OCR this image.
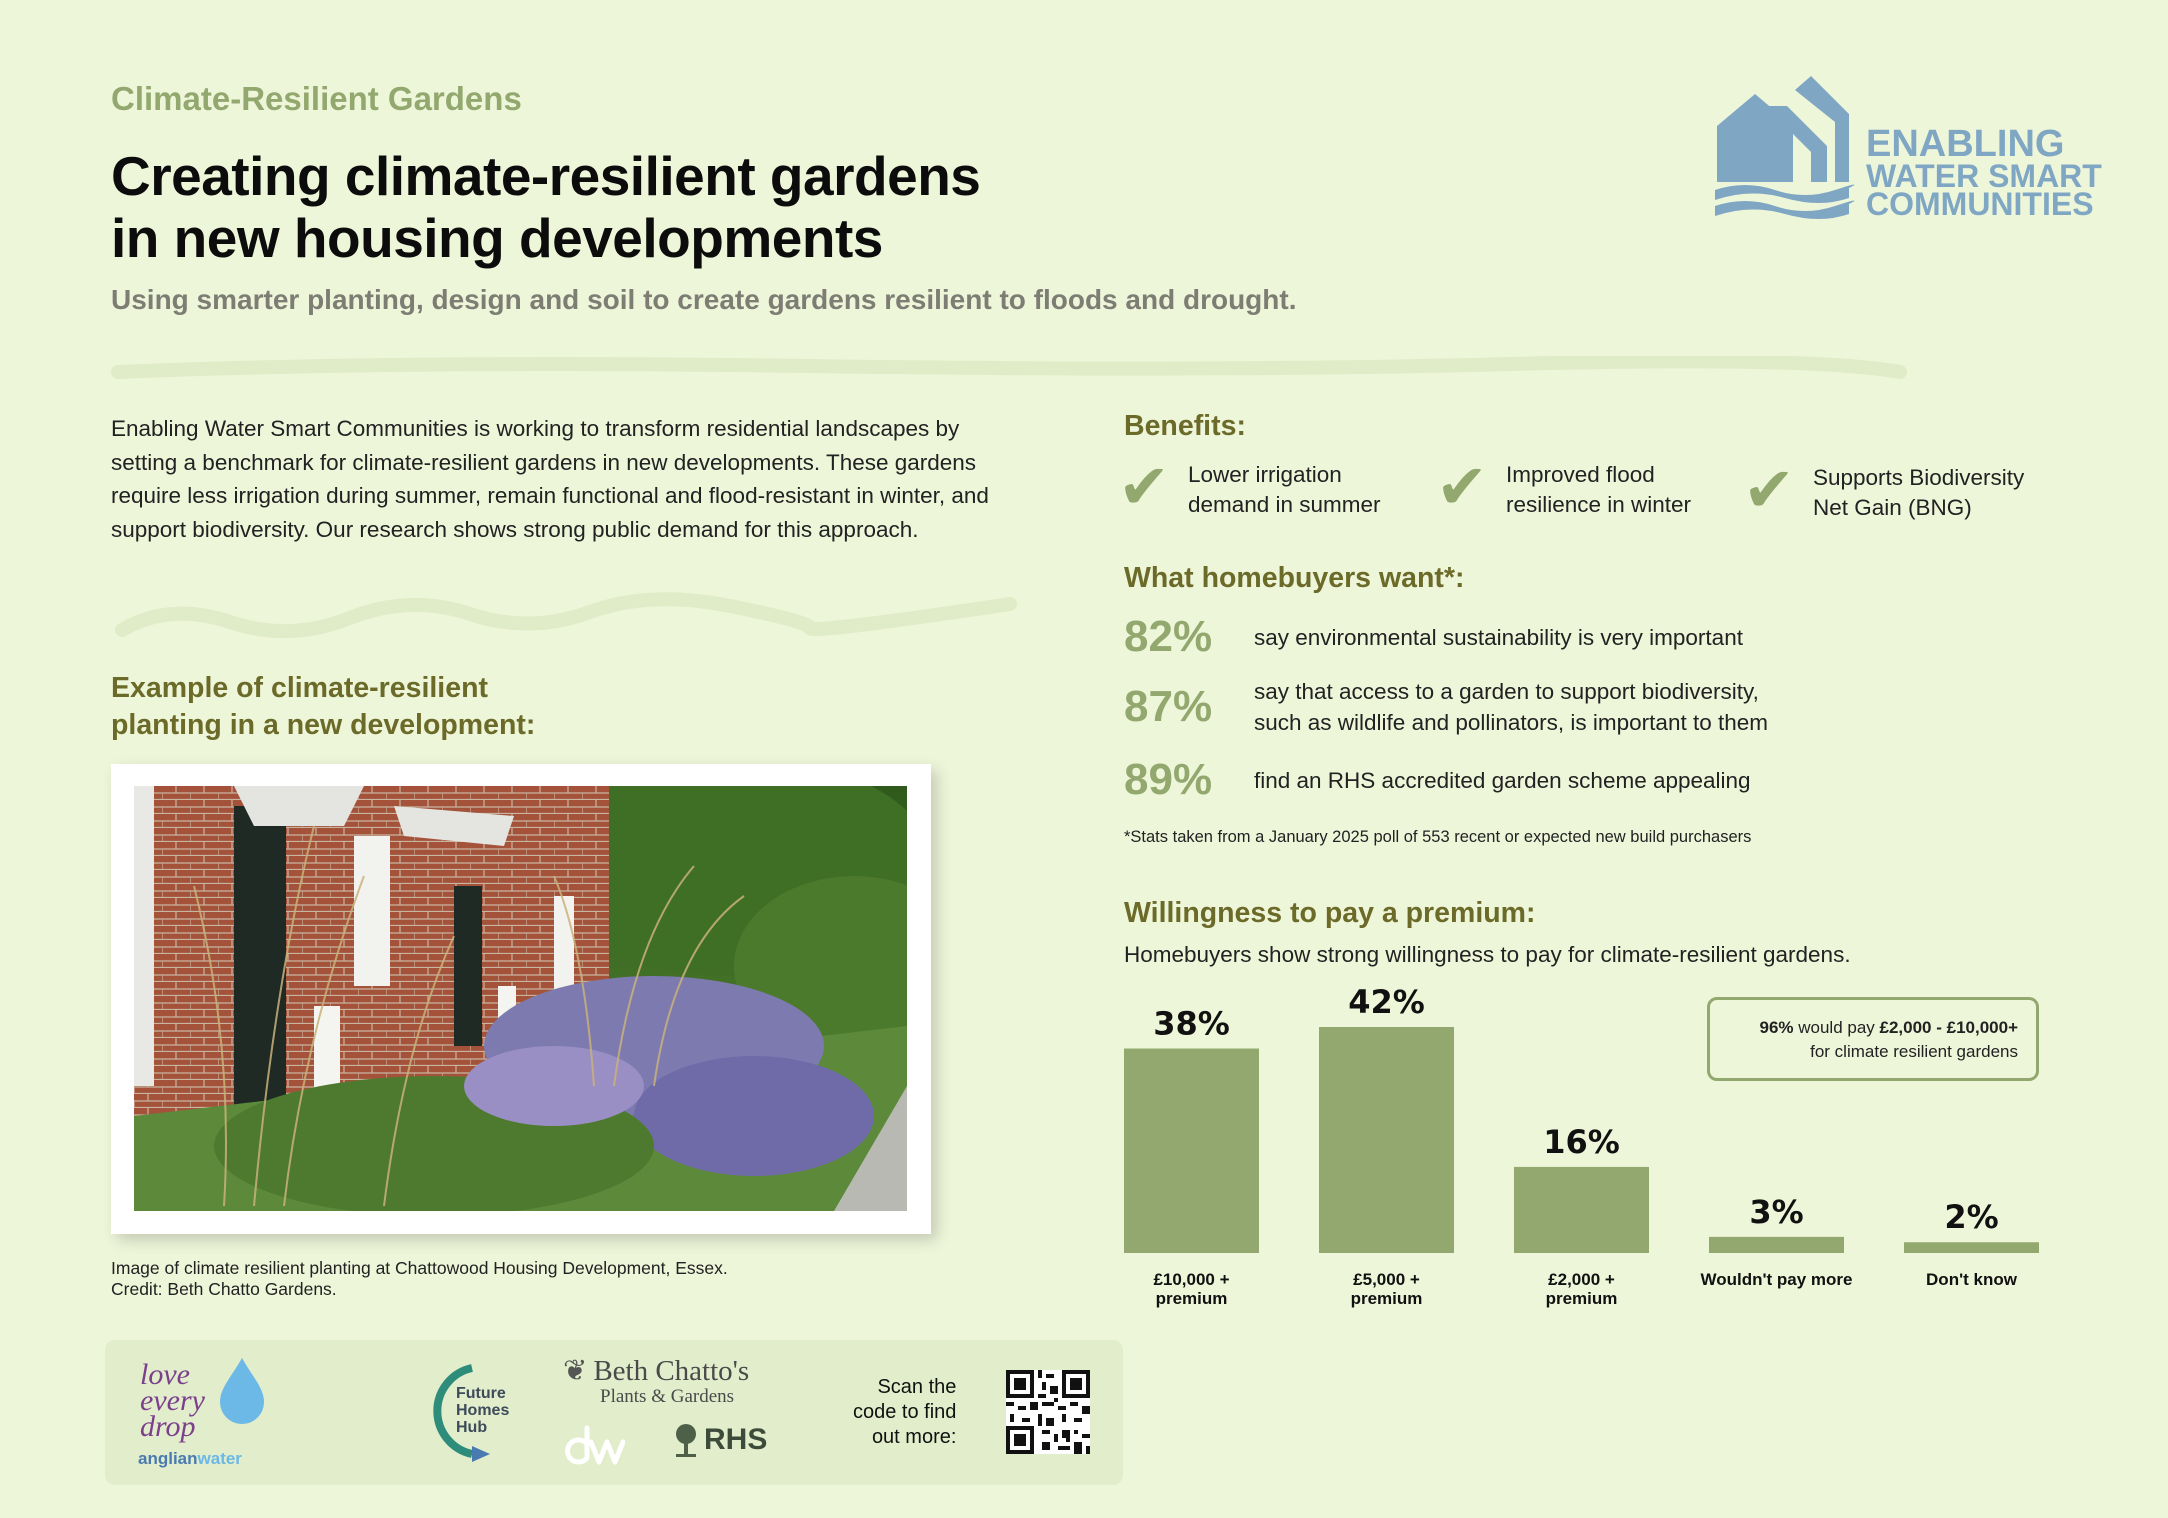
Climate-Resilient Gardens
Creating climate-resilient gardens
in new housing developments
Using smarter planting, design and soil to create gardens resilient to floods and drought.
ENABLING
WATER SMART
COMMUNITIES
Enabling Water Smart Communities is working to transform residential landscapes by setting a benchmark for climate-resilient gardens in new developments. These gardens require less irrigation during summer, remain functional and flood-resistant in winter, and support biodiversity. Our research shows strong public demand for this approach.
Example of climate-resilient
planting in a new development:
Image of climate resilient planting at Chattowood Housing Development, Essex.
Credit: Beth Chatto Gardens.
Benefits:
✔ Lower irrigation
demand in summer ✔ Improved flood
resilience in winter ✔ Supports Biodiversity
Net Gain (BNG)
What homebuyers want*:
82%	say environmental sustainability is very important
87%	say that access to a garden to support biodiversity,
such as wildlife and pollinators, is important to them
89%	find an RHS accredited garden scheme appealing
*Stats taken from a January 2025 poll of 553 recent or expected new build purchasers
Willingness to pay a premium:
Homebuyers show strong willingness to pay for climate-resilient gardens.
38%
£10,000 +
premium
42%
£5,000 +
premium
16%
£2,000 +
premium
3%
Wouldn't pay more
2%
Don't know
96% would pay £2,000 - £10,000+
for climate resilient gardens
love
every
drop
anglianwater
Future
Homes
Hub
❦ Beth Chatto's
Plants & Gardens
RHS
Scan the
code to find
out more:
